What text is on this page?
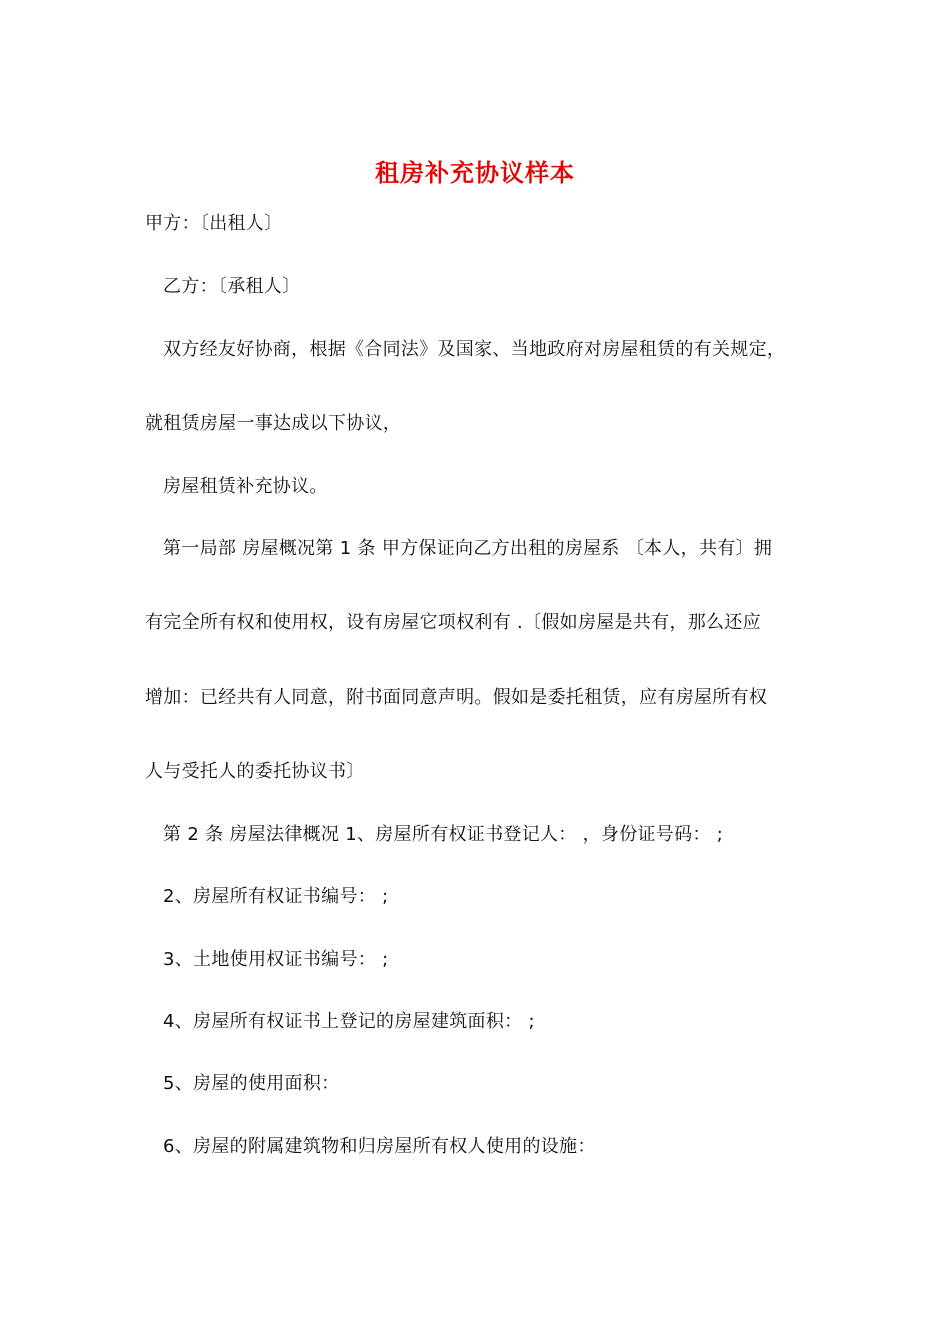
租房补充协议样本
甲方：〔出租人〕
乙方：〔承租人〕
双方经友好协商，根据《合同法》及国家、当地政府对房屋租赁的有关规定，
就租赁房屋一事达成以下协议，
房屋租赁补充协议。
第一局部 房屋概况第 1 条 甲方保证向乙方出租的房屋系 〔本人，共有〕拥
有完全所有权和使用权，设有房屋它项权利有 .〔假如房屋是共有，那么还应
增加：已经共有人同意，附书面同意声明。假如是委托租赁，应有房屋所有权
人与受托人的委托协议书〕
第 2 条 房屋法律概况 1、房屋所有权证书登记人： ，身份证号码： ;
2、房屋所有权证书编号： ;
3、土地使用权证书编号： ;
4、房屋所有权证书上登记的房屋建筑面积： ;
5、房屋的使用面积：
6、房屋的附属建筑物和归房屋所有权人使用的设施：
